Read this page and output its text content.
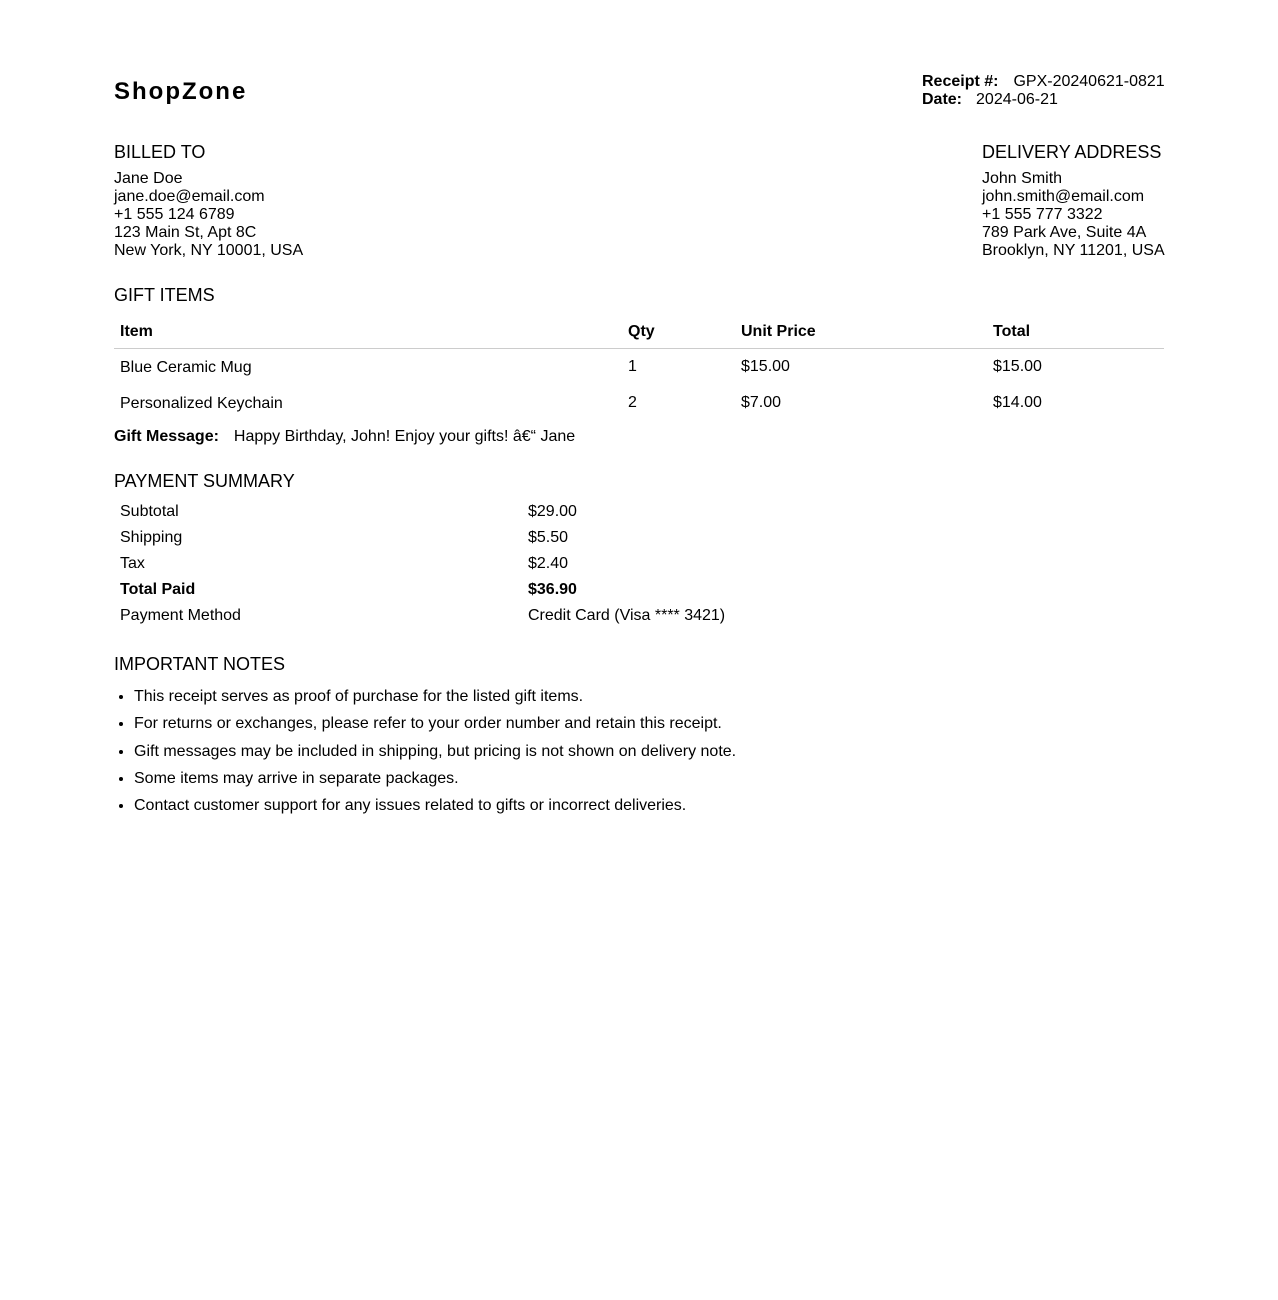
ShopZone	Receipt #: GPX-20240621-0821
Date: 2024-06-21
BILLED TO
Jane Doe
jane.doe@email.com
+1 555 124 6789
123 Main St, Apt 8C
New York, NY 10001, USA
DELIVERY ADDRESS
John Smith
john.smith@email.com
+1 555 777 3322
789 Park Ave, Suite 4A
Brooklyn, NY 11201, USA
GIFT ITEMS
Item	Qty	Unit Price	Total
Blue Ceramic Mug	1	$15.00	$15.00
Personalized Keychain	2	$7.00	$14.00
Gift Message: Happy Birthday, John! Enjoy your gifts! â€“ Jane
PAYMENT SUMMARY
Subtotal	$29.00
Shipping	$5.50
Tax	$2.40
Total Paid	$36.90
Payment Method	Credit Card (Visa **** 3421)
IMPORTANT NOTES
• This receipt serves as proof of purchase for the listed gift items.
• For returns or exchanges, please refer to your order number and retain this receipt.
• Gift messages may be included in shipping, but pricing is not shown on delivery note.
• Some items may arrive in separate packages.
• Contact customer support for any issues related to gifts or incorrect deliveries.
